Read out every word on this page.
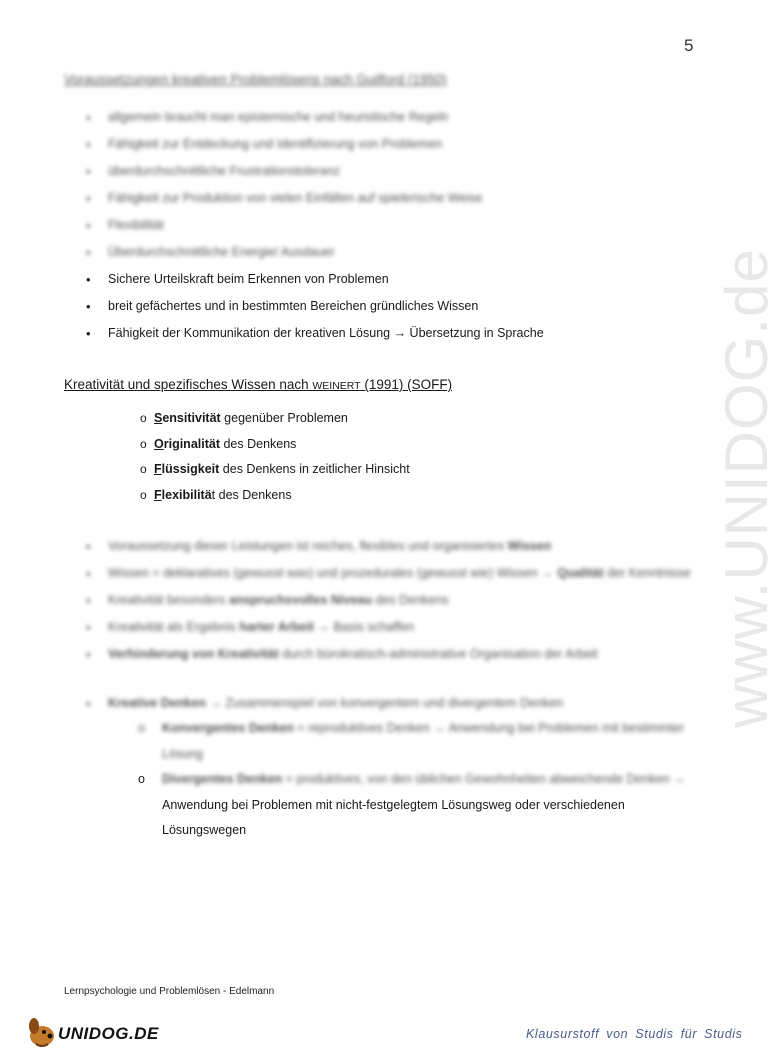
5
www.UNIDOG.de
Voraussetzungen kreativen Problemlösens nach Guilford (1950)
• allgemein braucht man epistemische und heuristische Regeln
• Fähigkeit zur Entdeckung und Identifizierung von Problemen
• überdurchschnittliche Frustrationstoleranz
• Fähigkeit zur Produktion von vielen Einfällen auf spielerische Weise
• Flexibilität
• Überdurchschnittliche Energie/ Ausdauer
• Sichere Urteilskraft beim Erkennen von Problemen
• breit gefächertes und in bestimmten Bereichen gründliches Wissen
• Fähigkeit der Kommunikation der kreativen Lösung → Übersetzung in Sprache
Kreativität und spezifisches Wissen nach WEINERT (1991) (SOFF)
o Sensitivität gegenüber Problemen
o Originalität des Denkens
o Flüssigkeit des Denkens in zeitlicher Hinsicht
o Flexibilität des Denkens
• Voraussetzung dieser Leistungen ist reiches, flexibles und organisiertes Wissen
• Wissen = deklaratives (gewusst was) und prozedurales (gewusst wie) Wissen → Qualität der Kenntnisse
• Kreativität besonders anspruchsvolles Niveau des Denkens
• Kreativität als Ergebnis harter Arbeit → Basis schaffen
• Verhinderung von Kreativität durch bürokratisch-administrative Organisation der Arbeit
• Kreative Denken → Zusammenspiel von konvergentem und divergentem Denken
o Konvergentes Denken = reproduktives Denken → Anwendung bei Problemen mit bestimmter Lösung
o Divergentes Denken = produktives, von den üblichen Gewohnheiten abweichende Denken →
Anwendung bei Problemen mit nicht-festgelegtem Lösungsweg oder verschiedenen
Lösungswegen
Lernpsychologie und Problemlösen - Edelmann
UNIDOG.DE	Klausurstoff von Studis für Studis
